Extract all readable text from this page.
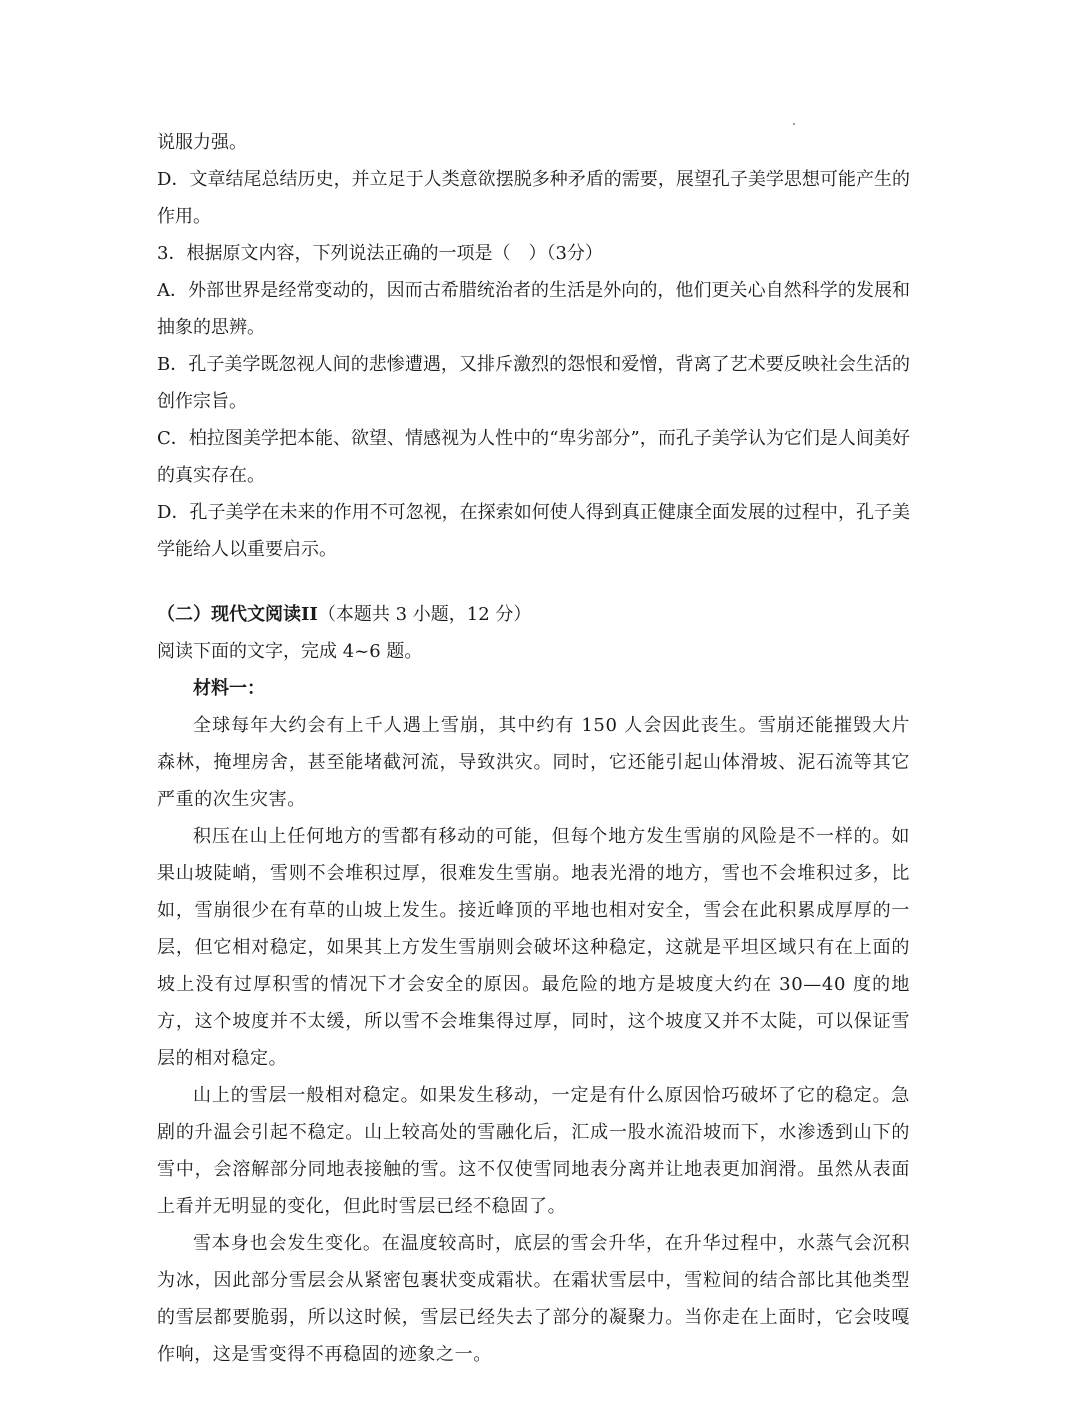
说服力强。

D．文章结尾总结历史，并立足于人类意欲摆脱多种矛盾的需要，展望孔子美学思想可能产生的作用。

3．根据原文内容，下列说法正确的一项是（　）（3分）

A．外部世界是经常变动的，因而古希腊统治者的生活是外向的，他们更关心自然科学的发展和抽象的思辨。

B．孔子美学既忽视人间的悲惨遭遇，又排斥激烈的怨恨和爱憎，背离了艺术要反映社会生活的创作宗旨。

C．柏拉图美学把本能、欲望、情感视为人性中的“卑劣部分”，而孔子美学认为它们是人间美好的真实存在。

D．孔子美学在未来的作用不可忽视，在探索如何使人得到真正健康全面发展的过程中，孔子美学能给人以重要启示。

（二）现代文阅读II（本题共 3 小题，12 分）

阅读下面的文字，完成 4~6 题。

材料一：

全球每年大约会有上千人遇上雪崩，其中约有 150 人会因此丧生。雪崩还能摧毁大片森林，掩埋房舍，甚至能堵截河流，导致洪灾。同时，它还能引起山体滑坡、泥石流等其它严重的次生灾害。

积压在山上任何地方的雪都有移动的可能，但每个地方发生雪崩的风险是不一样的。如果山坡陡峭，雪则不会堆积过厚，很难发生雪崩。地表光滑的地方，雪也不会堆积过多，比如，雪崩很少在有草的山坡上发生。接近峰顶的平地也相对安全，雪会在此积累成厚厚的一层，但它相对稳定，如果其上方发生雪崩则会破坏这种稳定，这就是平坦区域只有在上面的坡上没有过厚积雪的情况下才会安全的原因。最危险的地方是坡度大约在 30—40 度的地方，这个坡度并不太缓，所以雪不会堆集得过厚，同时，这个坡度又并不太陡，可以保证雪层的相对稳定。

山上的雪层一般相对稳定。如果发生移动，一定是有什么原因恰巧破坏了它的稳定。急剧的升温会引起不稳定。山上较高处的雪融化后，汇成一股水流沿坡而下，水渗透到山下的雪中，会溶解部分同地表接触的雪。这不仅使雪同地表分离并让地表更加润滑。虽然从表面上看并无明显的变化，但此时雪层已经不稳固了。

雪本身也会发生变化。在温度较高时，底层的雪会升华，在升华过程中，水蒸气会沉积为冰，因此部分雪层会从紧密包裹状变成霜状。在霜状雪层中，雪粒间的结合部比其他类型的雪层都要脆弱，所以这时候，雪层已经失去了部分的凝聚力。当你走在上面时，它会吱嘎作响，这是雪变得不再稳固的迹象之一。
